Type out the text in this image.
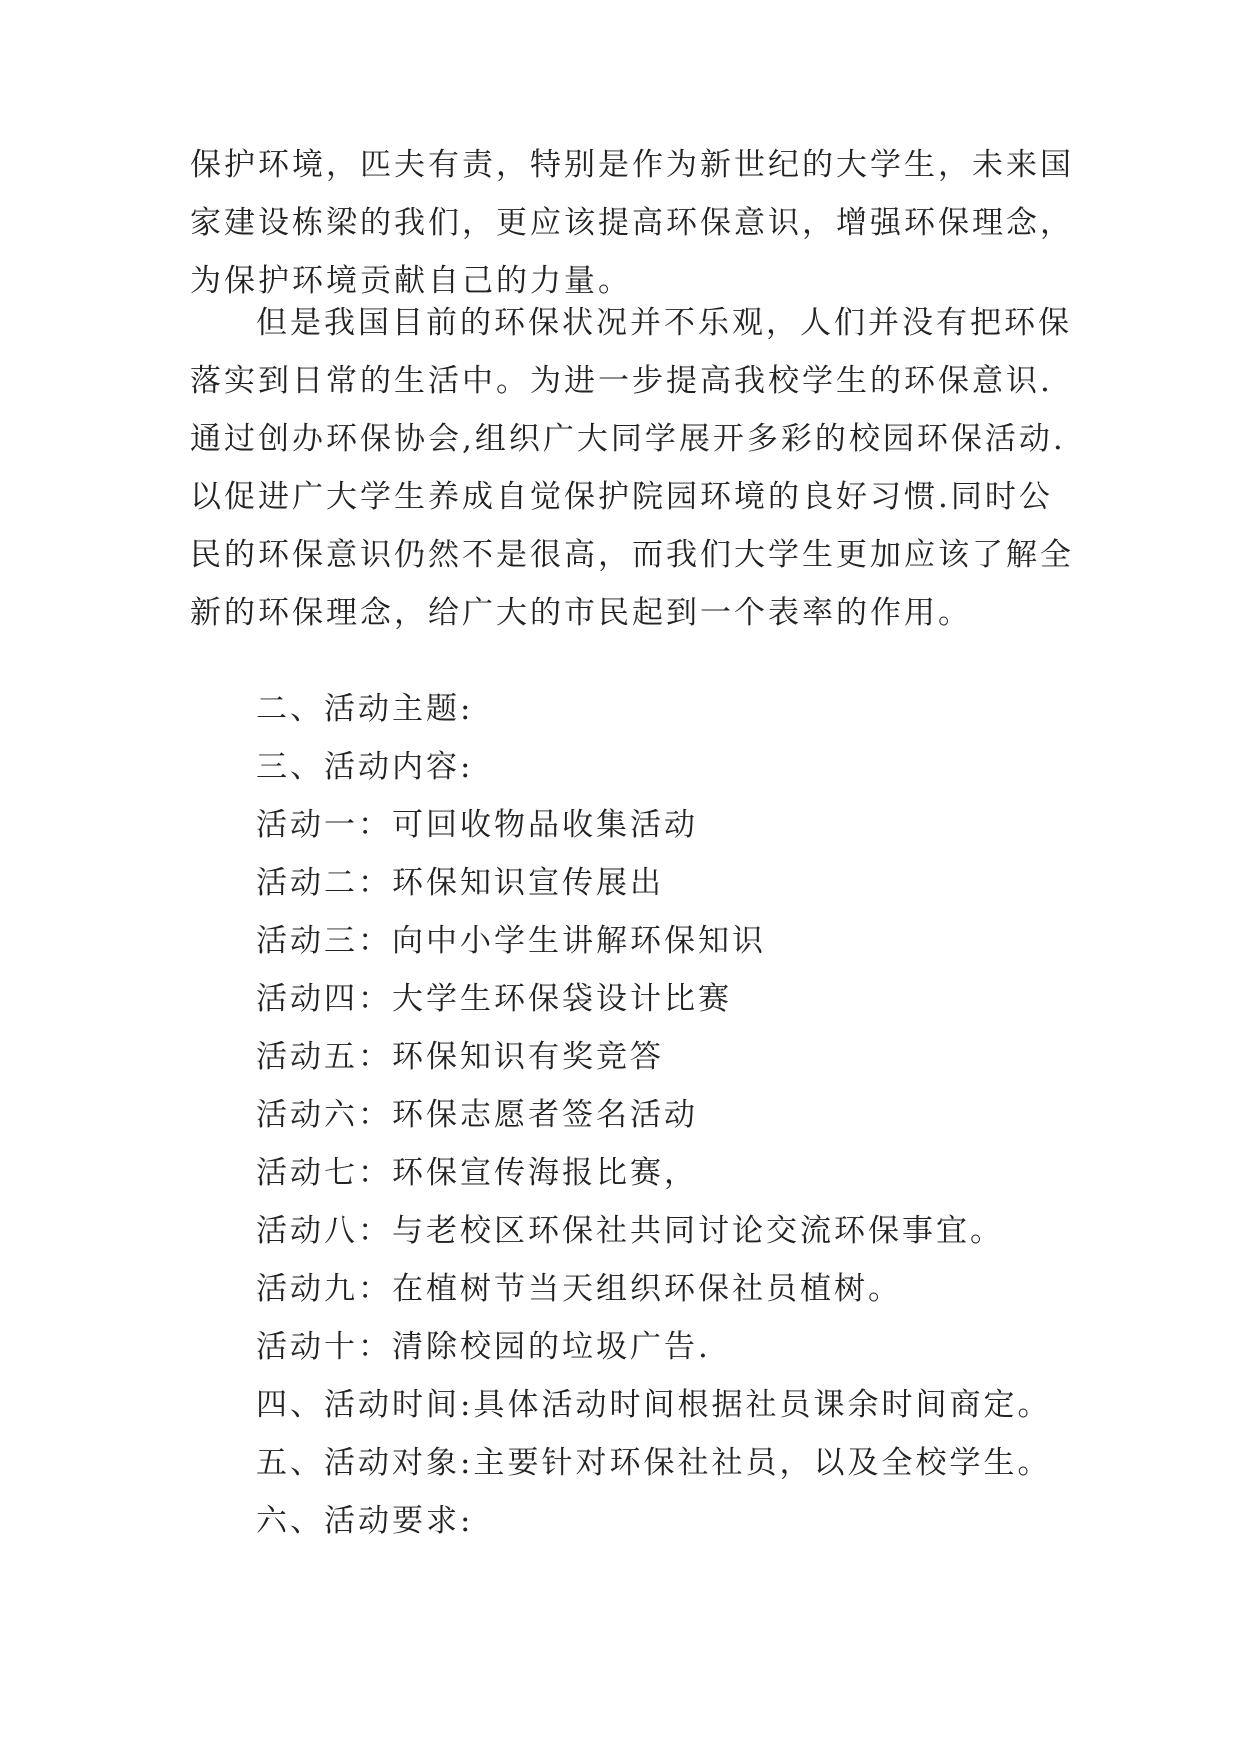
保护环境，匹夫有责，特别是作为新世纪的大学生，未来国
家建设栋梁的我们，更应该提高环保意识，增强环保理念，
为保护环境贡献自己的力量。
但是我国目前的环保状况并不乐观，人们并没有把环保
落实到日常的生活中。为进一步提高我校学生的环保意识.
通过创办环保协会,组织广大同学展开多彩的校园环保活动.
以促进广大学生养成自觉保护院园环境的良好习惯.同时公
民的环保意识仍然不是很高，而我们大学生更加应该了解全
新的环保理念，给广大的市民起到一个表率的作用。
二、活动主题:
三、活动内容:
活动一：可回收物品收集活动
活动二：环保知识宣传展出
活动三：向中小学生讲解环保知识
活动四：大学生环保袋设计比赛
活动五：环保知识有奖竞答
活动六：环保志愿者签名活动
活动七：环保宣传海报比赛，
活动八：与老校区环保社共同讨论交流环保事宜。
活动九：在植树节当天组织环保社员植树。
活动十：清除校园的垃圾广告.
四、活动时间:具体活动时间根据社员课余时间商定。
五、活动对象:主要针对环保社社员，以及全校学生。
六、活动要求:
